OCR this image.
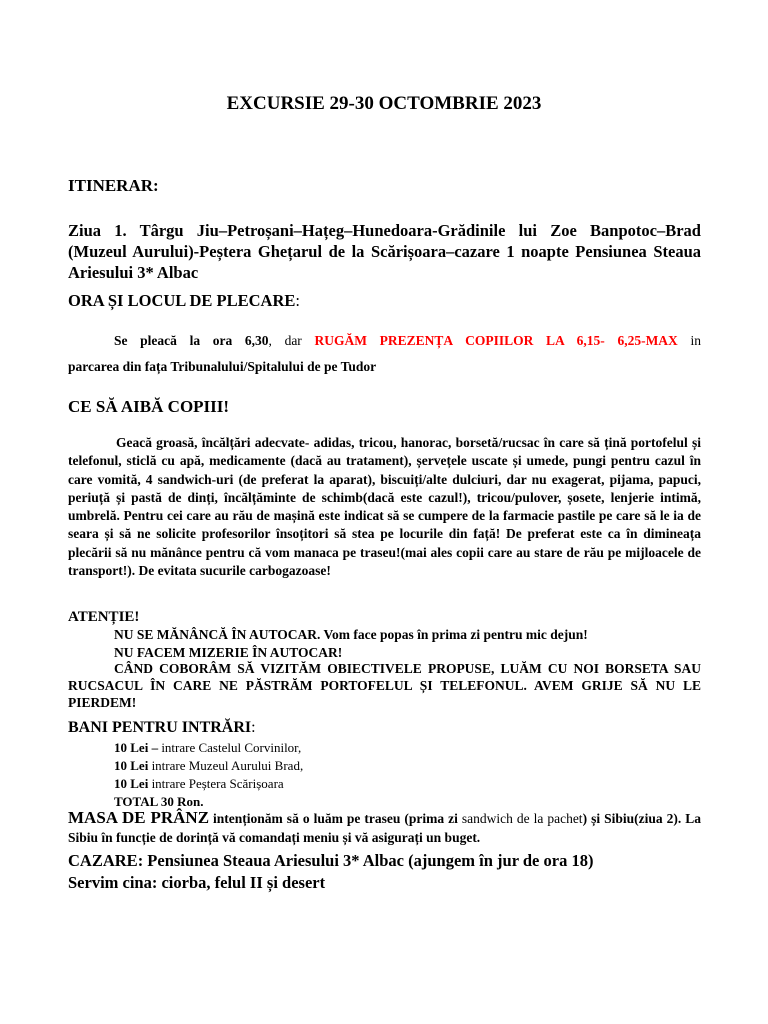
EXCURSIE 29-30 OCTOMBRIE 2023
ITINERAR:
Ziua 1. Târgu Jiu–Petroșani–Hațeg–Hunedoara-Grădinile lui Zoe Banpotoc–Brad (Muzeul Aurului)-Peștera Ghețarul de la Scărișoara–cazare 1 noapte Pensiunea Steaua Ariesului 3* Albac
ORA ȘI LOCUL DE PLECARE:
Se pleacă la ora 6,30, dar RUGĂM PREZENȚA COPIILOR LA 6,15- 6,25-MAX in
parcarea din fața Tribunalului/Spitalului de pe Tudor
CE SĂ AIBĂ COPIII!
Geacă groasă, încălțări adecvate- adidas, tricou, hanorac, borsetă/rucsac în care să țină portofelul și telefonul, sticlă cu apă, medicamente (dacă au tratament), șervețele uscate și umede, pungi pentru cazul în care vomită, 4 sandwich-uri (de preferat la aparat), biscuiți/alte dulciuri, dar nu exagerat, pijama, papuci, periuță și pastă de dinți, încălțăminte de schimb(dacă este cazul!), tricou/pulover, șosete, lenjerie intimă, umbrelă. Pentru cei care au rău de mașină este indicat să se cumpere de la farmacie pastile pe care să le ia de seara și să ne solicite profesorilor însoțitori să stea pe locurile din față! De preferat este ca în dimineața plecării să nu mănânce pentru că vom manaca pe traseu!(mai ales copii care au stare de rău pe mijloacele de transport!). De evitata sucurile carbogazoase!
ATENȚIE!
NU SE MĂNÂNCĂ ÎN AUTOCAR. Vom face popas în prima zi pentru mic dejun!
NU FACEM MIZERIE ÎN AUTOCAR!
CÂND COBORÂM SĂ VIZITĂM OBIECTIVELE PROPUSE, LUĂM CU NOI BORSETA SAU RUCSACUL ÎN CARE NE PĂSTRĂM PORTOFELUL ȘI TELEFONUL. AVEM GRIJE SĂ NU LE PIERDEM!
BANI PENTRU INTRĂRI:
10 Lei – intrare Castelul Corvinilor,
10 Lei intrare Muzeul Aurului Brad,
10 Lei intrare Peștera Scărișoara
TOTAL 30 Ron.
MASA DE PRÂNZ intenționăm să o luăm pe traseu (prima zi sandwich de la pachet) și Sibiu(ziua 2). La Sibiu în funcție de dorință vă comandați meniu și vă asigurați un buget.
CAZARE: Pensiunea Steaua Ariesului 3* Albac (ajungem în jur de ora 18)
Servim cina: ciorba, felul II și desert
